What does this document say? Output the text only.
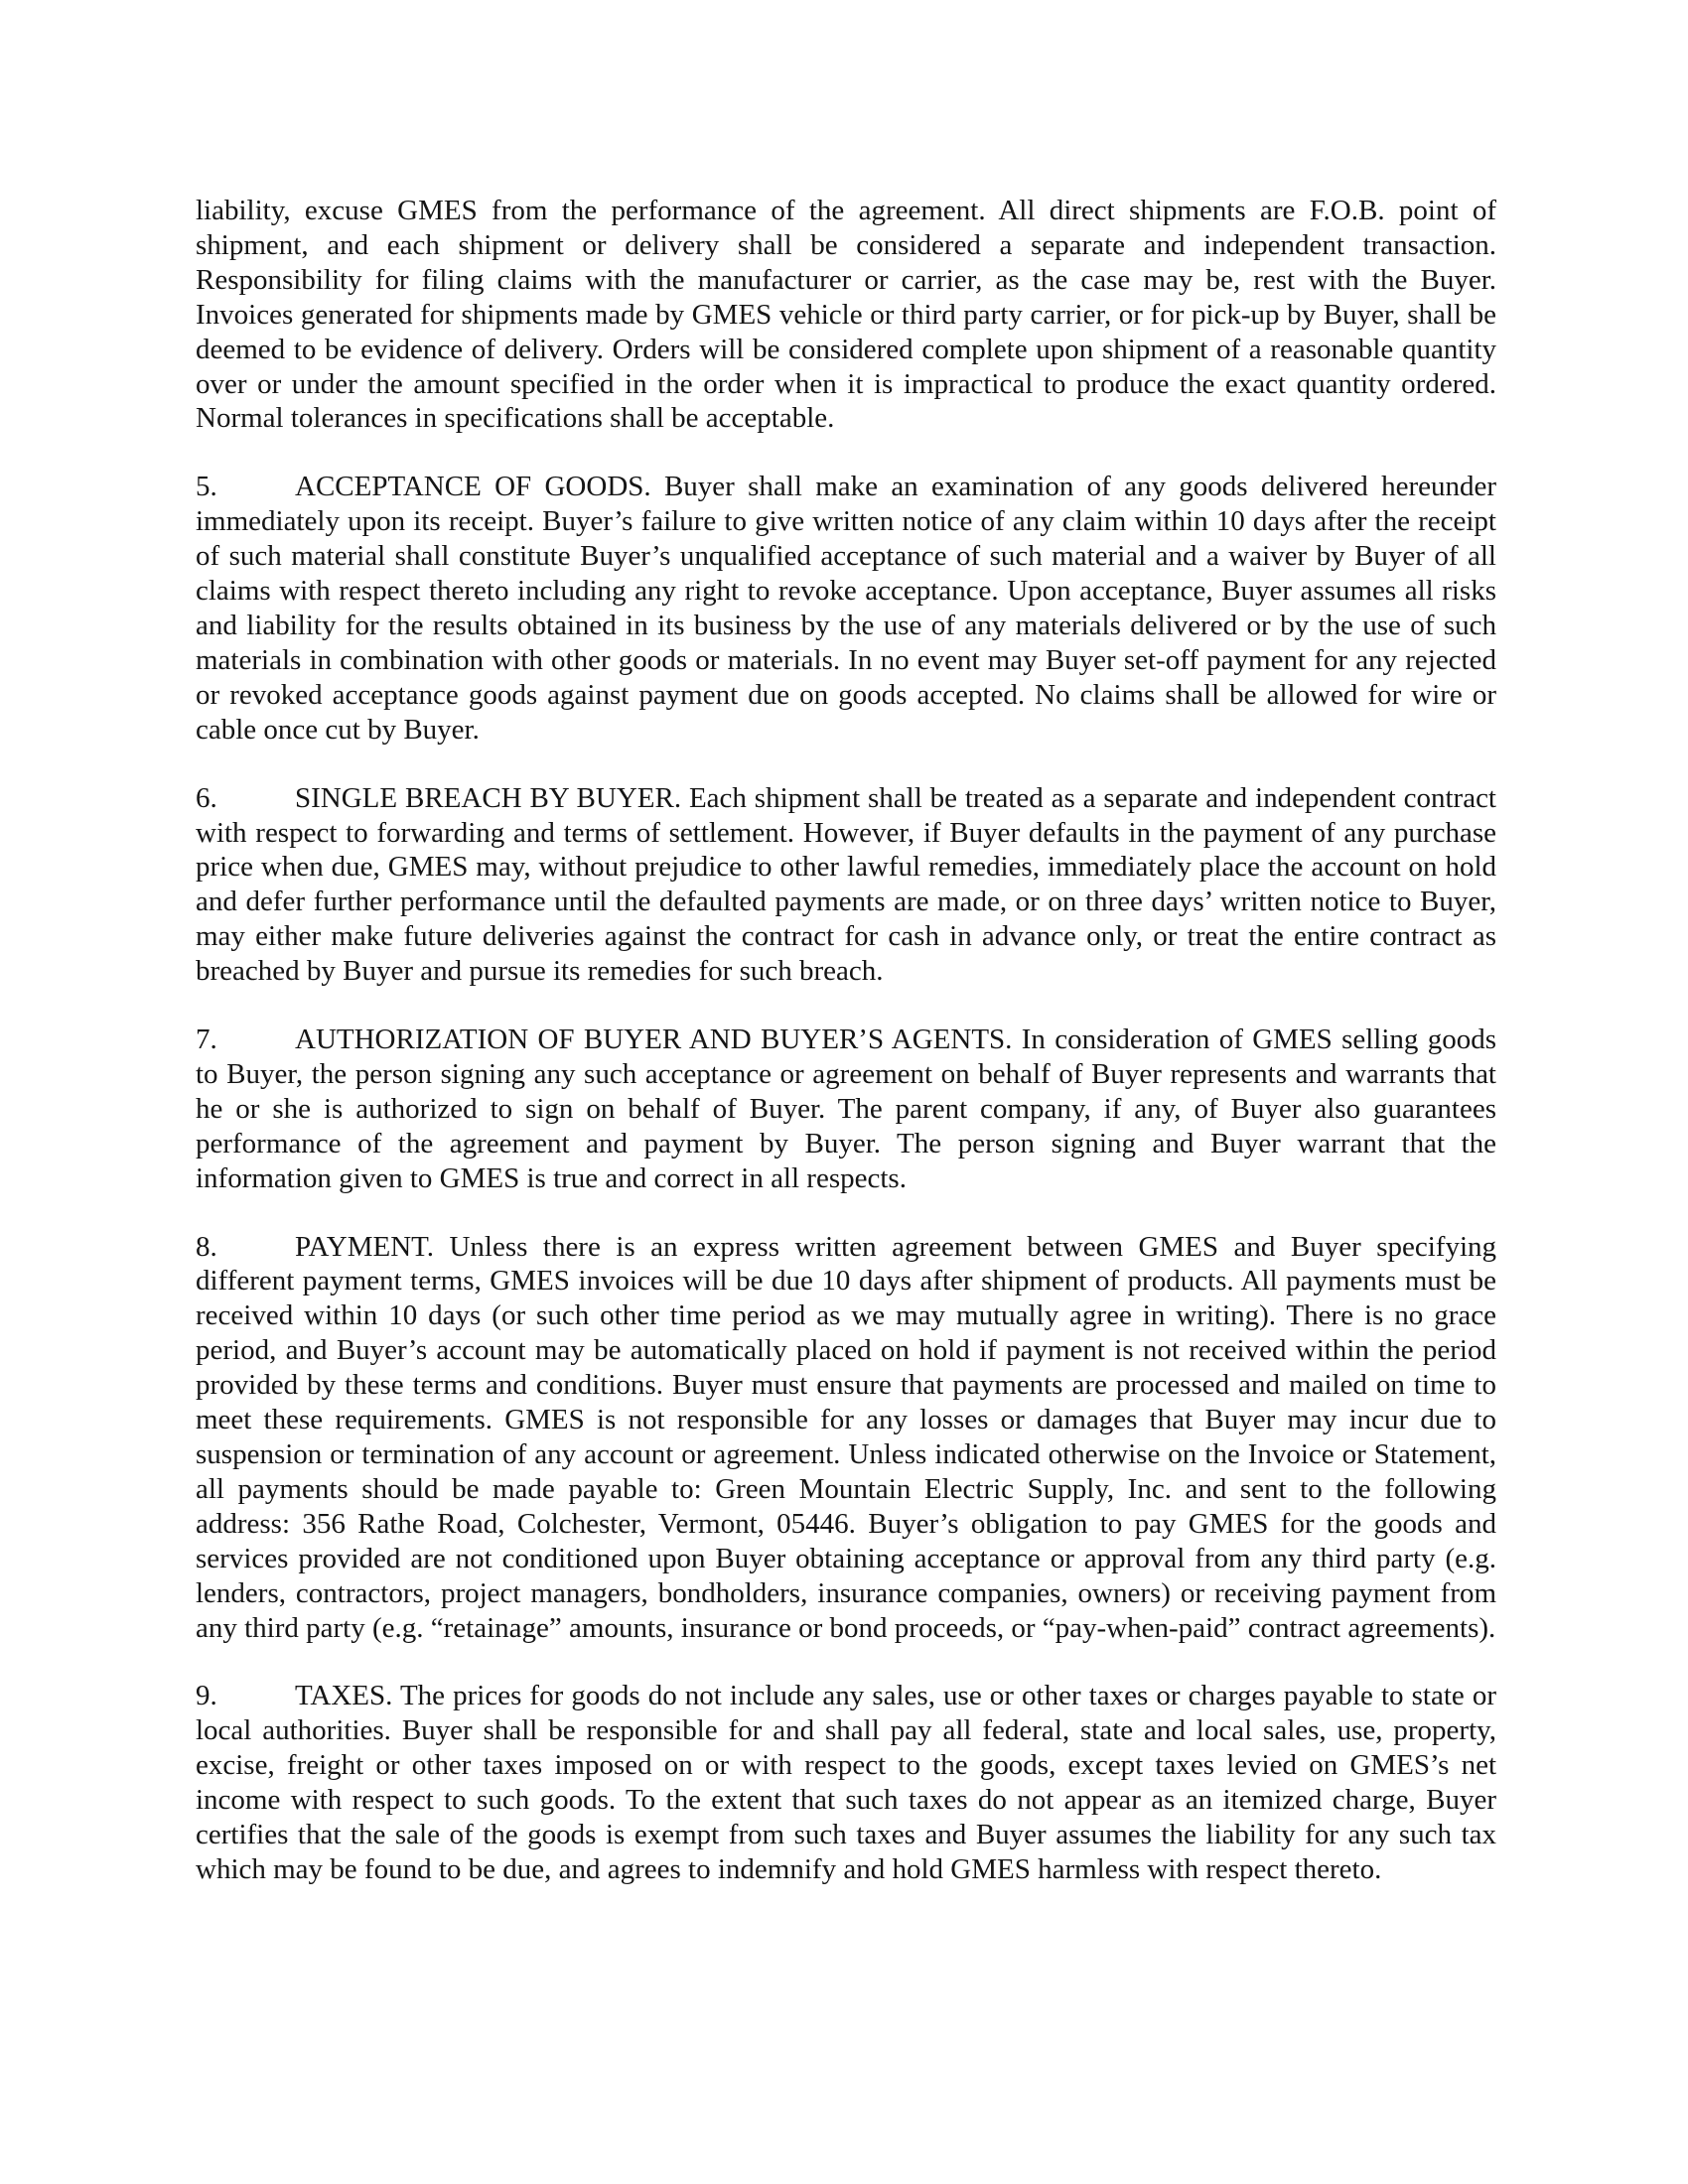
liability, excuse GMES from the performance of the agreement. All direct shipments are F.O.B. point of shipment, and each shipment or delivery shall be considered a separate and independent transaction. Responsibility for filing claims with the manufacturer or carrier, as the case may be, rest with the Buyer. Invoices generated for shipments made by GMES vehicle or third party carrier, or for pick-up by Buyer, shall be deemed to be evidence of delivery. Orders will be considered complete upon shipment of a reasonable quantity over or under the amount specified in the order when it is impractical to produce the exact quantity ordered. Normal tolerances in specifications shall be acceptable.

5.	ACCEPTANCE OF GOODS. Buyer shall make an examination of any goods delivered hereunder immediately upon its receipt. Buyer’s failure to give written notice of any claim within 10 days after the receipt of such material shall constitute Buyer’s unqualified acceptance of such material and a waiver by Buyer of all claims with respect thereto including any right to revoke acceptance. Upon acceptance, Buyer assumes all risks and liability for the results obtained in its business by the use of any materials delivered or by the use of such materials in combination with other goods or materials. In no event may Buyer set-off payment for any rejected or revoked acceptance goods against payment due on goods accepted. No claims shall be allowed for wire or cable once cut by Buyer.

6.	SINGLE BREACH BY BUYER. Each shipment shall be treated as a separate and independent contract with respect to forwarding and terms of settlement. However, if Buyer defaults in the payment of any purchase price when due, GMES may, without prejudice to other lawful remedies, immediately place the account on hold and defer further performance until the defaulted payments are made, or on three days’ written notice to Buyer, may either make future deliveries against the contract for cash in advance only, or treat the entire contract as breached by Buyer and pursue its remedies for such breach.

7.	AUTHORIZATION OF BUYER AND BUYER’S AGENTS. In consideration of GMES selling goods to Buyer, the person signing any such acceptance or agreement on behalf of Buyer represents and warrants that he or she is authorized to sign on behalf of Buyer. The parent company, if any, of Buyer also guarantees performance of the agreement and payment by Buyer. The person signing and Buyer warrant that the information given to GMES is true and correct in all respects.

8.	PAYMENT. Unless there is an express written agreement between GMES and Buyer specifying different payment terms, GMES invoices will be due 10 days after shipment of products. All payments must be received within 10 days (or such other time period as we may mutually agree in writing). There is no grace period, and Buyer’s account may be automatically placed on hold if payment is not received within the period provided by these terms and conditions. Buyer must ensure that payments are processed and mailed on time to meet these requirements. GMES is not responsible for any losses or damages that Buyer may incur due to suspension or termination of any account or agreement. Unless indicated otherwise on the Invoice or Statement, all payments should be made payable to: Green Mountain Electric Supply, Inc. and sent to the following address: 356 Rathe Road, Colchester, Vermont, 05446. Buyer’s obligation to pay GMES for the goods and services provided are not conditioned upon Buyer obtaining acceptance or approval from any third party (e.g. lenders, contractors, project managers, bondholders, insurance companies, owners) or receiving payment from any third party (e.g. “retainage” amounts, insurance or bond proceeds, or “pay-when-paid” contract agreements).

9.	TAXES. The prices for goods do not include any sales, use or other taxes or charges payable to state or local authorities. Buyer shall be responsible for and shall pay all federal, state and local sales, use, property, excise, freight or other taxes imposed on or with respect to the goods, except taxes levied on GMES’s net income with respect to such goods. To the extent that such taxes do not appear as an itemized charge, Buyer certifies that the sale of the goods is exempt from such taxes and Buyer assumes the liability for any such tax which may be found to be due, and agrees to indemnify and hold GMES harmless with respect thereto.
